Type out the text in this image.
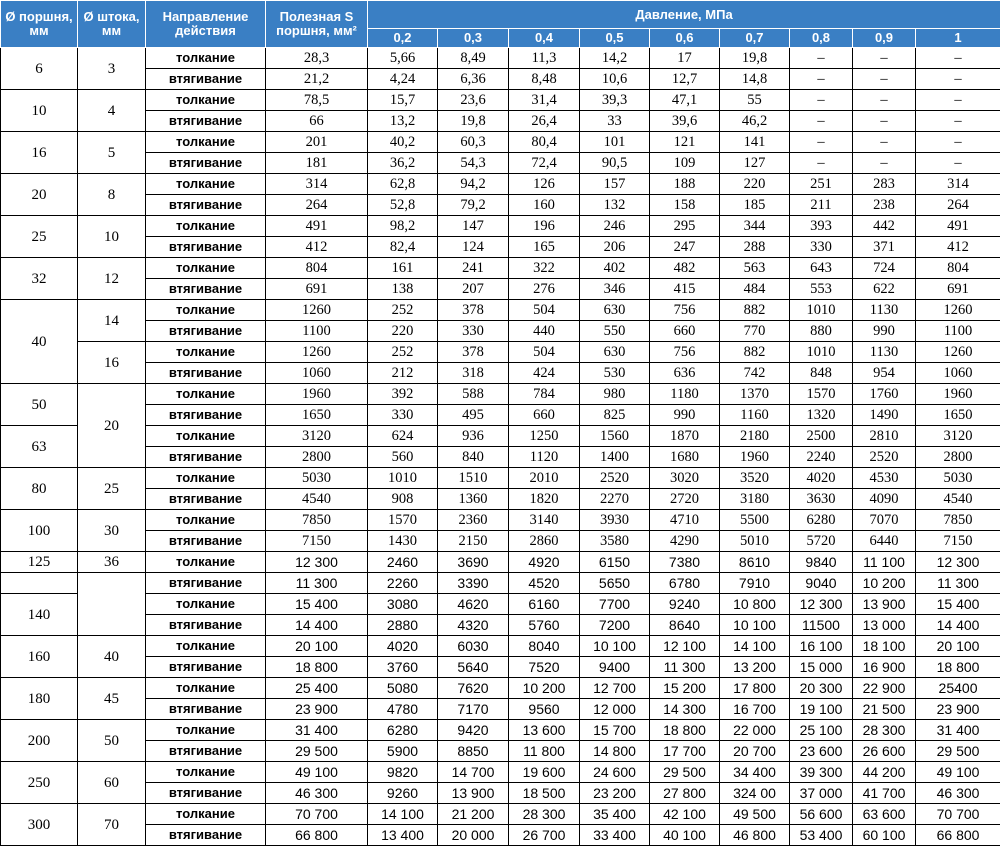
Ø поршня, мм	Ø штока, мм	Направление действия	Полезная S поршня, мм²	Давление, МПа								
				0,2	0,3	0,4	0,5	0,6	0,7	0,8	0,9	1
6	3	толкание	28,3	5,66	8,49	11,3	14,2	17	19,8	–	–	–
		втягивание	21,2	4,24	6,36	8,48	10,6	12,7	14,8	–	–	–
10	4	толкание	78,5	15,7	23,6	31,4	39,3	47,1	55	–	–	–
		втягивание	66	13,2	19,8	26,4	33	39,6	46,2	–	–	–
16	5	толкание	201	40,2	60,3	80,4	101	121	141	–	–	–
		втягивание	181	36,2	54,3	72,4	90,5	109	127	–	–	–
20	8	толкание	314	62,8	94,2	126	157	188	220	251	283	314
		втягивание	264	52,8	79,2	160	132	158	185	211	238	264
25	10	толкание	491	98,2	147	196	246	295	344	393	442	491
		втягивание	412	82,4	124	165	206	247	288	330	371	412
32	12	толкание	804	161	241	322	402	482	563	643	724	804
		втягивание	691	138	207	276	346	415	484	553	622	691
40	14	толкание	1260	252	378	504	630	756	882	1010	1130	1260
		втягивание	1100	220	330	440	550	660	770	880	990	1100
	16	толкание	1260	252	378	504	630	756	882	1010	1130	1260
		втягивание	1060	212	318	424	530	636	742	848	954	1060
50	20	толкание	1960	392	588	784	980	1180	1370	1570	1760	1960
		втягивание	1650	330	495	660	825	990	1160	1320	1490	1650
63		толкание	3120	624	936	1250	1560	1870	2180	2500	2810	3120
		втягивание	2800	560	840	1120	1400	1680	1960	2240	2520	2800
80	25	толкание	5030	1010	1510	2010	2520	3020	3520	4020	4530	5030
		втягивание	4540	908	1360	1820	2270	2720	3180	3630	4090	4540
100	30	толкание	7850	1570	2360	3140	3930	4710	5500	6280	7070	7850
		втягивание	7150	1430	2150	2860	3580	4290	5010	5720	6440	7150
125	36	толкание	12 300	2460	3690	4920	6150	7380	8610	9840	11 100	12 300
		втягивание	11 300	2260	3390	4520	5650	6780	7910	9040	10 200	11 300
140		толкание	15 400	3080	4620	6160	7700	9240	10 800	12 300	13 900	15 400
		втягивание	14 400	2880	4320	5760	7200	8640	10 100	11500	13 000	14 400
160	40	толкание	20 100	4020	6030	8040	10 100	12 100	14 100	16 100	18 100	20 100
		втягивание	18 800	3760	5640	7520	9400	11 300	13 200	15 000	16 900	18 800
180	45	толкание	25 400	5080	7620	10 200	12 700	15 200	17 800	20 300	22 900	25400
		втягивание	23 900	4780	7170	9560	12 000	14 300	16 700	19 100	21 500	23 900
200	50	толкание	31 400	6280	9420	13 600	15 700	18 800	22 000	25 100	28 300	31 400
		втягивание	29 500	5900	8850	11 800	14 800	17 700	20 700	23 600	26 600	29 500
250	60	толкание	49 100	9820	14 700	19 600	24 600	29 500	34 400	39 300	44 200	49 100
		втягивание	46 300	9260	13 900	18 500	23 200	27 800	324 00	37 000	41 700	46 300
300	70	толкание	70 700	14 100	21 200	28 300	35 400	42 100	49 500	56 600	63 600	70 700
		втягивание	66 800	13 400	20 000	26 700	33 400	40 100	46 800	53 400	60 100	66 800
